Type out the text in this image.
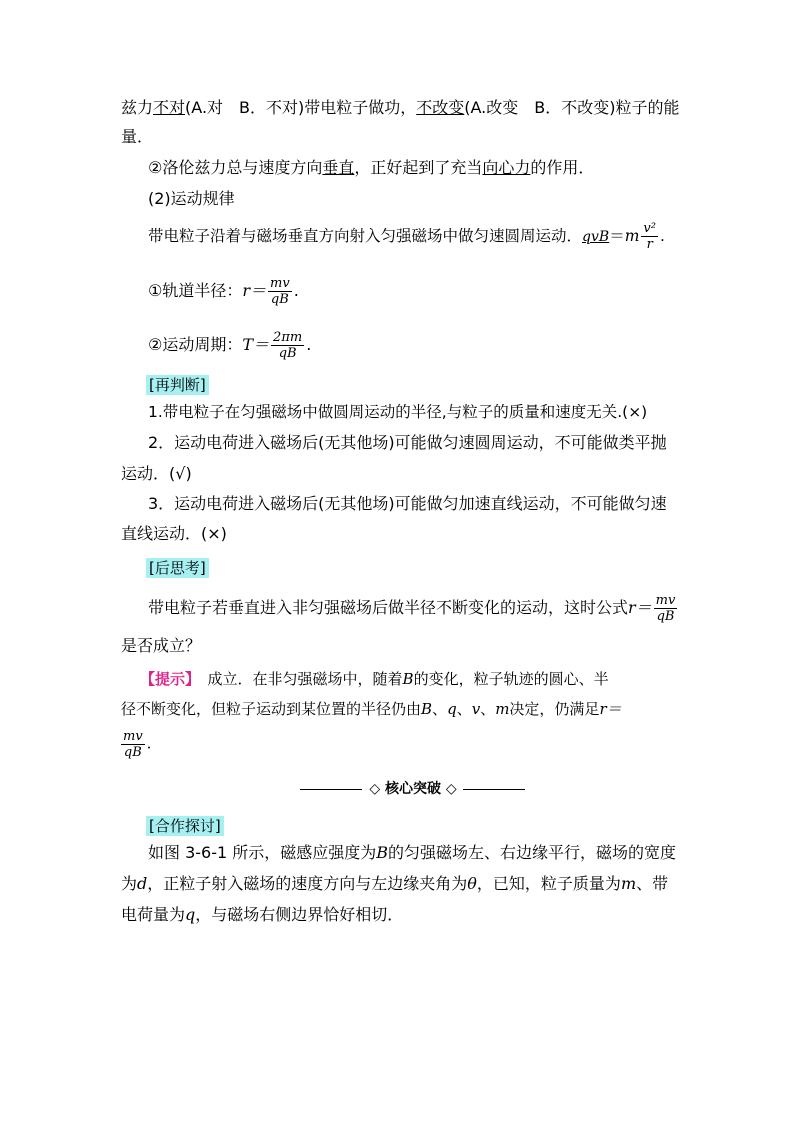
兹力不对(A.对　B．不对)带电粒子做功，不改变(A.改变　B．不改变)粒子的能
量．
②洛伦兹力总与速度方向垂直，正好起到了充当向心力的作用．
(2)运动规律
带电粒子沿着与磁场垂直方向射入匀强磁场中做匀速圆周运动．$qvB=m \frac{\text{v²}}{r}$ .
①轨道半径：$r= \frac{mv}{qB}$ .
②运动周期：$T= \frac{2\pi m}{qB}$ .
[再判断]
1.带电粒子在匀强磁场中做圆周运动的半径,与粒子的质量和速度无关.(×)
2．运动电荷进入磁场后(无其他场)可能做匀速圆周运动，不可能做类平抛
运动．(√)
3．运动电荷进入磁场后(无其他场)可能做匀加速直线运动，不可能做匀速
直线运动．(×)
[后思考]
带电粒子若垂直进入非匀强磁场后做半径不断变化的运动，这时公式$r= \frac{mv}{qB}$
是否成立？
【提示】　成立．在非匀强磁场中，随着B的变化，粒子轨迹的圆心、半
径不断变化，但粒子运动到某位置的半径仍由B、q、v、m决定，仍满足r＝
$\frac{mv}{qB}$ .
◇ 核心突破 ◇
[合作探讨]
如图 3-6-1 所示，磁感应强度为B的匀强磁场左、右边缘平行，磁场的宽度
为d，正粒子射入磁场的速度方向与左边缘夹角为θ，已知，粒子质量为m、带
电荷量为q，与磁场右侧边界恰好相切．
